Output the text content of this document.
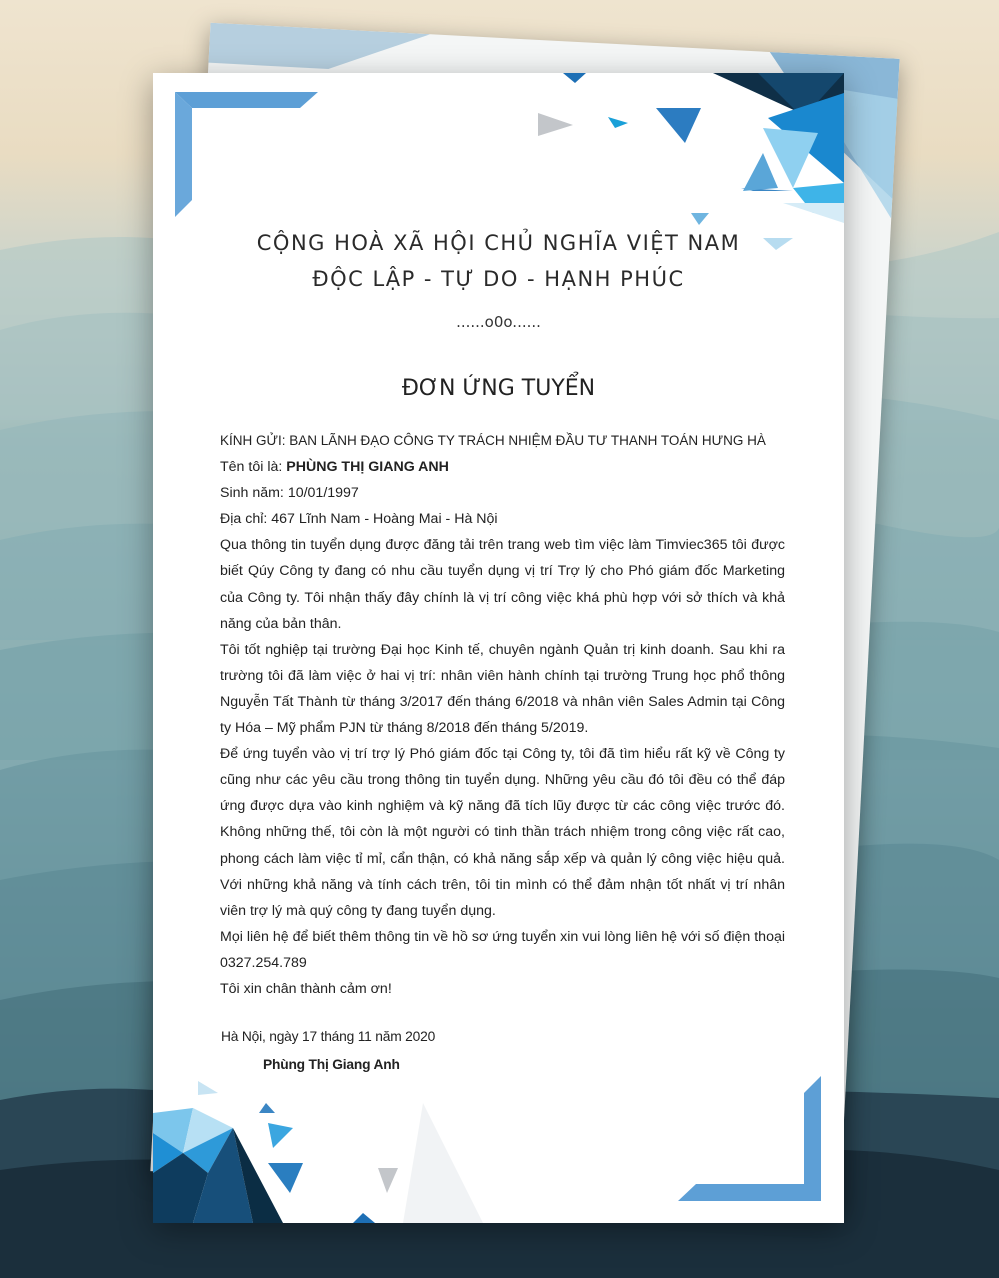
CỘNG HOÀ XÃ HỘI CHỦ NGHĨA VIỆT NAM
ĐỘC LẬP - TỰ DO - HẠNH PHÚC
......o0o......
ĐƠN ỨNG TUYỂN

KÍNH GỬI: BAN LÃNH ĐẠO CÔNG TY TRÁCH NHIỆM ĐẦU TƯ THANH TOÁN HƯNG HÀ

Tên tôi là: PHÙNG THỊ GIANG ANH

Sinh năm: 10/01/1997

Địa chỉ: 467 Lĩnh Nam - Hoàng Mai - Hà Nội

Qua thông tin tuyển dụng được đăng tải trên trang web tìm việc làm Timviec365 tôi được biết Qúy Công ty đang có nhu cầu tuyển dụng vị trí Trợ lý cho Phó giám đốc Marketing của Công ty. Tôi nhận thấy đây chính là vị trí công việc khá phù hợp với sở thích và khả năng của bản thân.

Tôi tốt nghiệp tại trường Đại học Kinh tế, chuyên ngành Quản trị kinh doanh. Sau khi ra trường tôi đã làm việc ở hai vị trí: nhân viên hành chính tại trường Trung học phổ thông Nguyễn Tất Thành từ tháng 3/2017 đến tháng 6/2018 và nhân viên Sales Admin tại Công ty Hóa – Mỹ phẩm PJN từ tháng 8/2018 đến tháng 5/2019.

Để ứng tuyển vào vị trí trợ lý Phó giám đốc tại Công ty, tôi đã tìm hiểu rất kỹ về Công ty cũng như các yêu cầu trong thông tin tuyển dụng. Những yêu cầu đó tôi đều có thể đáp ứng được dựa vào kinh nghiệm và kỹ năng đã tích lũy được từ các công việc trước đó. Không những thế, tôi còn là một người có tinh thần trách nhiệm trong công việc rất cao, phong cách làm việc tỉ mỉ, cẩn thận, có khả năng sắp xếp và quản lý công việc hiệu quả. Với những khả năng và tính cách trên, tôi tin mình có thể đảm nhận tốt nhất vị trí nhân viên trợ lý mà quý công ty đang tuyển dụng.

Mọi liên hệ để biết thêm thông tin về hồ sơ ứng tuyển xin vui lòng liên hệ với số điện thoại 0327.254.789

Tôi xin chân thành cảm ơn!

Hà Nội, ngày 17 tháng 11 năm 2020
Phùng Thị Giang Anh
